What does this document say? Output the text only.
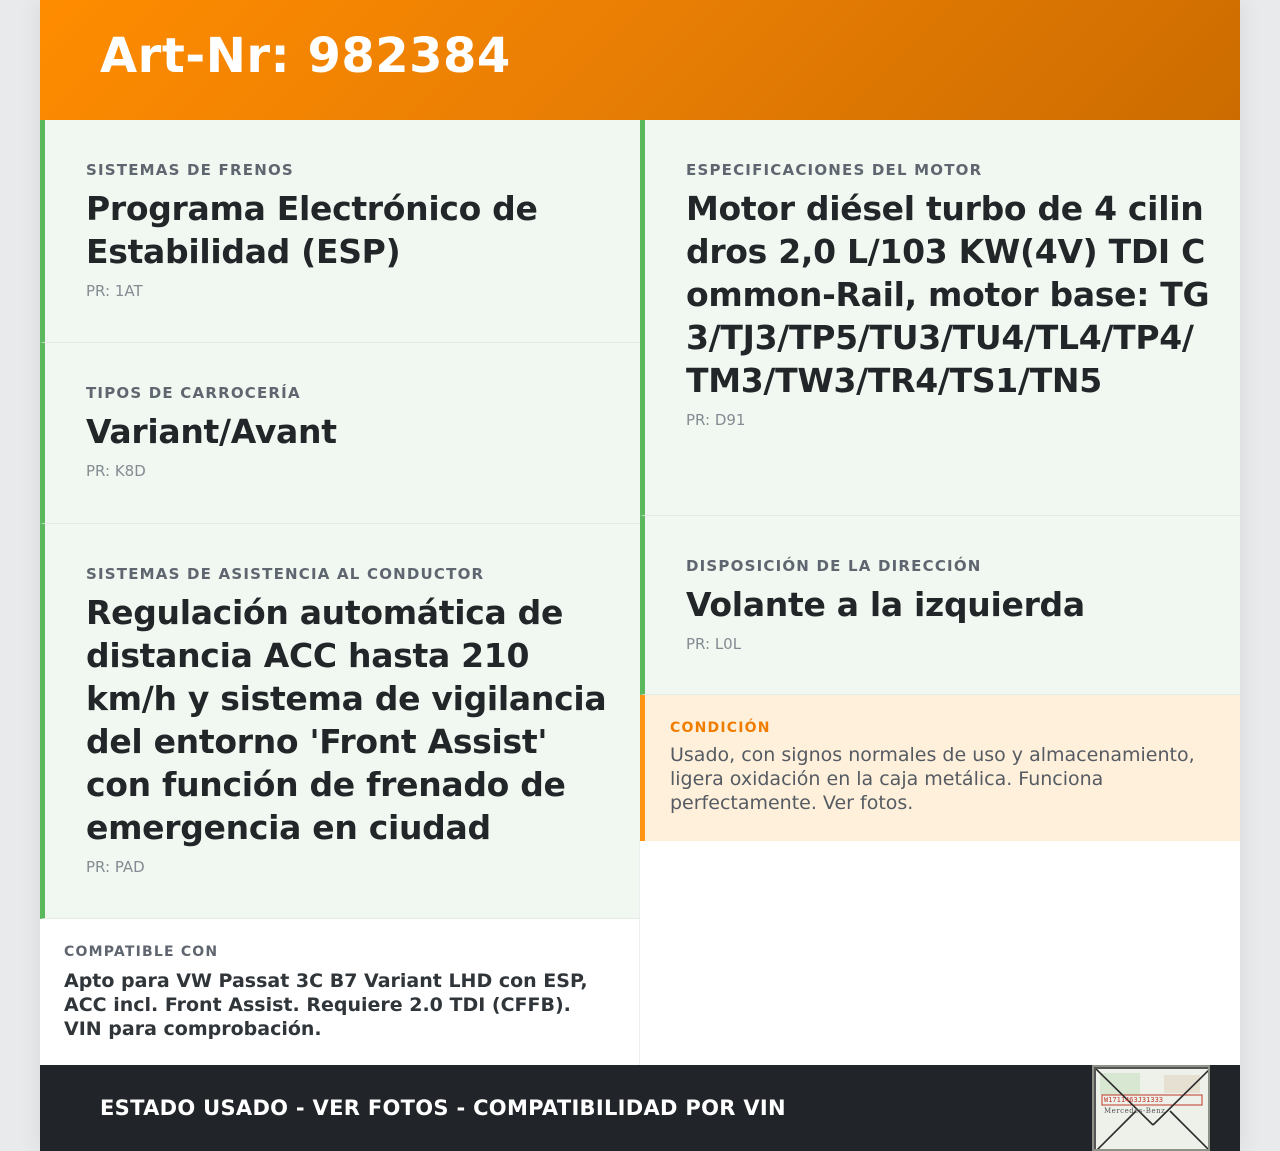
Art-Nr: 982384
SISTEMAS DE FRENOS
Programa Electrónico de Estabilidad (ESP)
PR: 1AT
TIPOS DE CARROCERÍA
Variant/Avant
PR: K8D
SISTEMAS DE ASISTENCIA AL CONDUCTOR
Regulación automática de distancia ACC hasta 210 km/h y sistema de vigilancia del entorno 'Front Assist' con función de frenado de emergencia en ciudad
PR: PAD
ESPECIFICACIONES DEL MOTOR
Motor diésel turbo de 4 cilindros 2,0 L/103 KW(4V) TDI Common-Rail, motor base: TG3/TJ3/TP5/TU3/TU4/TL4/TP4/TM3/TW3/TR4/TS1/TN5
PR: D91
DISPOSICIÓN DE LA DIRECCIÓN
Volante a la izquierda
PR: L0L
CONDICIÓN
Usado, con signos normales de uso y almacenamiento, ligera oxidación en la caja metálica. Funciona perfectamente. Ver fotos.
COMPATIBLE CON
Apto para VW Passat 3C B7 Variant LHD con ESP, ACC incl. Front Assist. Requiere 2.0 TDI (CFFB). VIN para comprobación.
ESTADO USADO - VER FOTOS - COMPATIBILIDAD POR VIN	Mercedes-Benz
W1711463J31333
